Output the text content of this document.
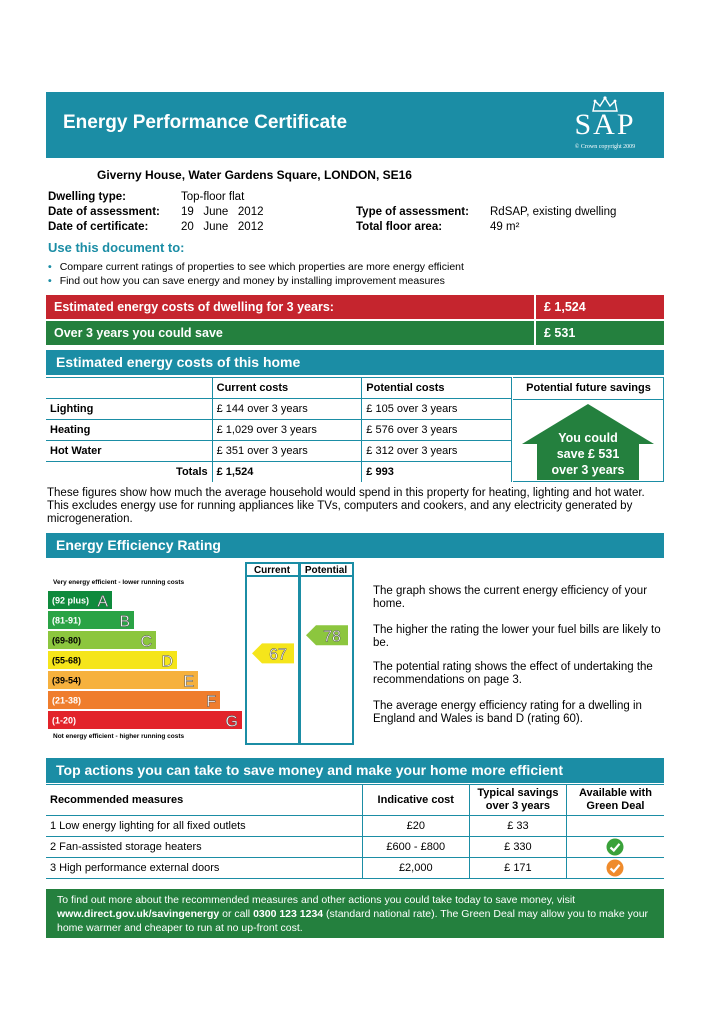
Energy Performance Certificate	SAP
© Crown copyright 2009
Giverny House, Water Gardens Square, LONDON, SE16
Dwelling type:	Top-floor flat
Date of assessment: 19   June   2012
Date of certificate:	20   June   2012
Type of assessment: RdSAP, existing dwelling
Total floor area:	49 m²
Use this document to:
• Compare current ratings of properties to see which properties are more energy efficient
• Find out how you can save energy and money by installing improvement measures
Estimated energy costs of dwelling for 3 years:	£ 1,524
Over 3 years you could save	£ 531
Estimated energy costs of this home
	Current costs	Potential costs
Lighting	£ 144 over 3 years	£ 105 over 3 years
Heating	£ 1,029 over 3 years	£ 576 over 3 years
Hot Water	£ 351 over 3 years	£ 312 over 3 years
Totals	£ 1,524	£ 993
Potential future savings
You could
save £ 531
over 3 years
These figures show how much the average household would spend in this property for heating, lighting and hot water. This excludes energy use for running appliances like TVs, computers and cookers, and any electricity generated by microgeneration.
Energy Efficiency Rating
Current Potential
Very energy efficient - lower running costs
Not energy efficient - higher running costs
(92 plus) A
(81-91) B
(69-80)	C
(55-68)	D
(39-54)	E
(21-38)	F
(1-20)	G
67
78
The graph shows the current energy efficiency of your home.
The higher the rating the lower your fuel bills are likely to be.
The potential rating shows the effect of undertaking the recommendations on page 3.
The average energy efficiency rating for a dwelling in England and Wales is band D (rating 60).
Top actions you can take to save money and make your home more efficient
Recommended measures	Indicative cost	Typical savings over 3 years	Available with Green Deal
1 Low energy lighting for all fixed outlets	£20	£ 33	
2 Fan-assisted storage heaters	£600 - £800	£ 330	
3 High performance external doors	£2,000	£ 171	
To find out more about the recommended measures and other actions you could take today to save money, visit www.direct.gov.uk/savingenergy or call 0300 123 1234 (standard national rate). The Green Deal may allow you to make your home warmer and cheaper to run at no up-front cost.
